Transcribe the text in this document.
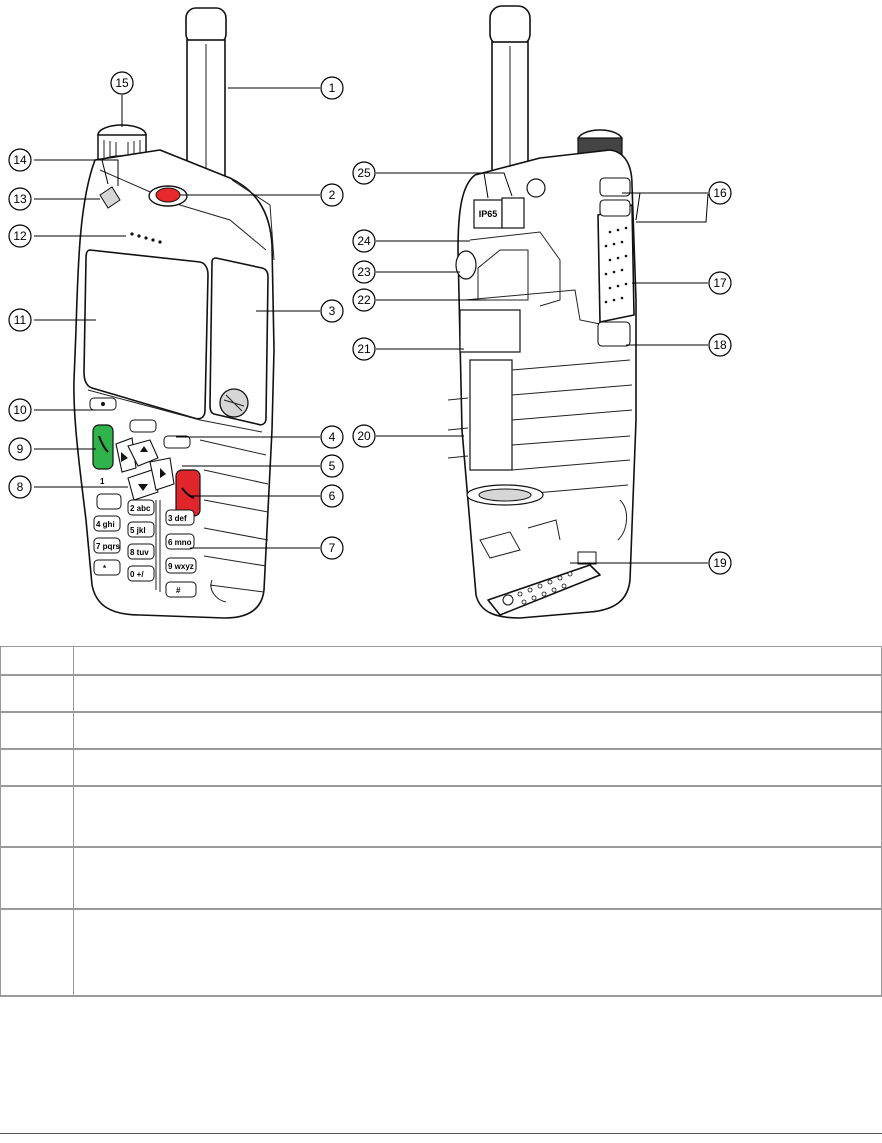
1
2 abc
3 def
4 ghi
5 jkl
6 mno
7 pqrs
8 tuv
9 wxyz
*
0 +/
#
IP65
1
2
3
4
5
6
7
8
9
10
11
12
13
14
15
16
17
18
19
20
21
22
23
24
25
